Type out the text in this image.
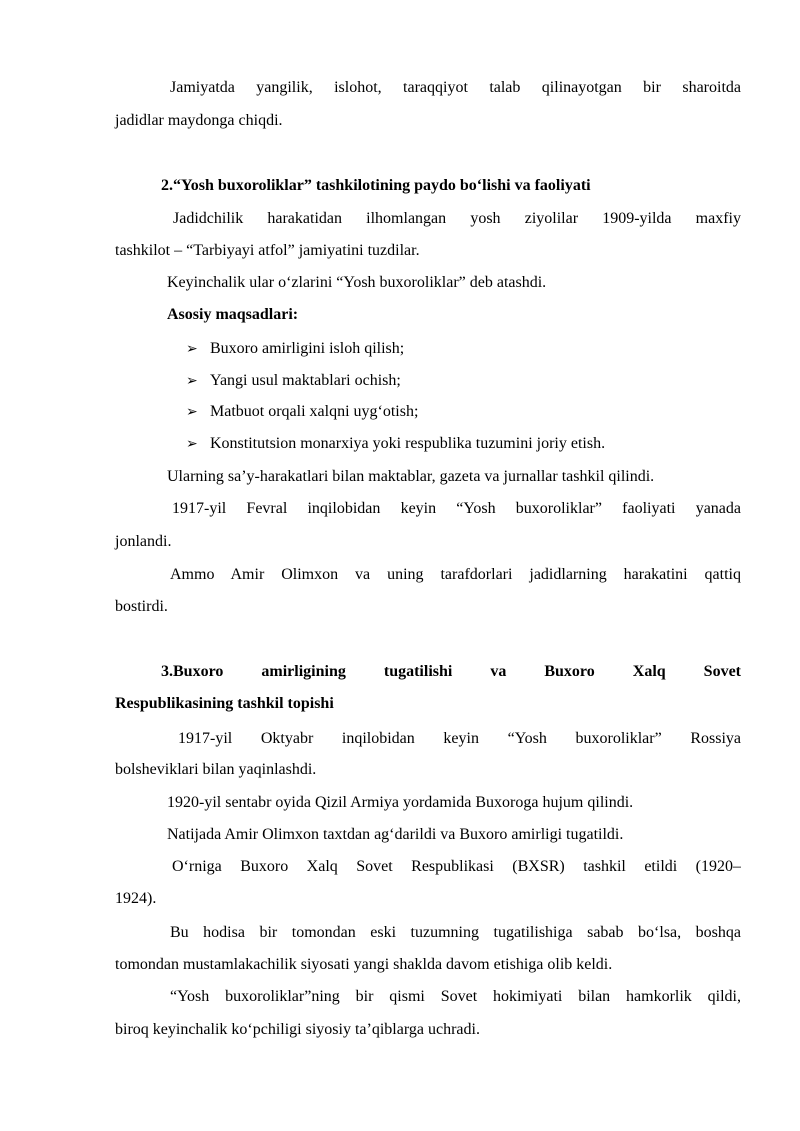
Jamiyatda yangilik, islohot, taraqqiyot talab qilinayotgan bir sharoitda
jadidlar maydonga chiqdi.
2.“Yosh buxoroliklar” tashkilotining paydo bo‘lishi va faoliyati
Jadidchilik harakatidan ilhomlangan yosh ziyolilar 1909-yilda maxfiy
tashkilot – “Tarbiyayi atfol” jamiyatini tuzdilar.
Keyinchalik ular o‘zlarini “Yosh buxoroliklar” deb atashdi.
Asosiy maqsadlari:
➢ Buxoro amirligini isloh qilish;
➢ Yangi usul maktablari ochish;
➢ Matbuot orqali xalqni uyg‘otish;
➢ Konstitutsion monarxiya yoki respublika tuzumini joriy etish.
Ularning sa’y-harakatlari bilan maktablar, gazeta va jurnallar tashkil qilindi.
1917-yil Fevral inqilobidan keyin “Yosh buxoroliklar” faoliyati yanada
jonlandi.
Ammo Amir Olimxon va uning tarafdorlari jadidlarning harakatini qattiq
bostirdi.
3.Buxoro amirligining tugatilishi va Buxoro Xalq Sovet
Respublikasining tashkil topishi
1917-yil Oktyabr inqilobidan keyin “Yosh buxoroliklar” Rossiya
bolsheviklari bilan yaqinlashdi.
1920-yil sentabr oyida Qizil Armiya yordamida Buxoroga hujum qilindi.
Natijada Amir Olimxon taxtdan ag‘darildi va Buxoro amirligi tugatildi.
O‘rniga Buxoro Xalq Sovet Respublikasi (BXSR) tashkil etildi (1920–
1924).
Bu hodisa bir tomondan eski tuzumning tugatilishiga sabab bo‘lsa, boshqa
tomondan mustamlakachilik siyosati yangi shaklda davom etishiga olib keldi.
“Yosh buxoroliklar”ning bir qismi Sovet hokimiyati bilan hamkorlik qildi,
biroq keyinchalik ko‘pchiligi siyosiy ta’qiblarga uchradi.
